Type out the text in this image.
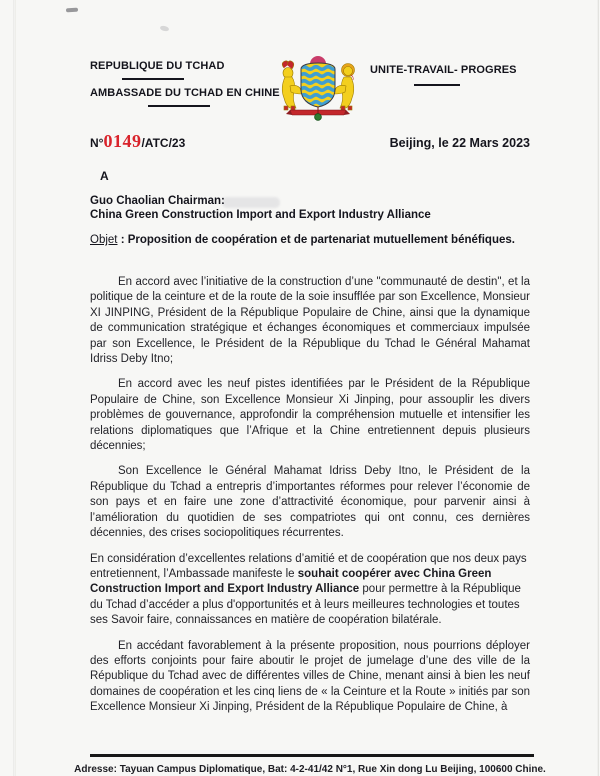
REPUBLIQUE DU TCHAD
AMBASSADE DU TCHAD EN CHINE
UNITE-TRAVAIL- PROGRES
N°0149/ATC/23	Beijing, le 22 Mars 2023
A
Guo Chaolian Chairman:
China Green Construction Import and Export Industry Alliance
Objet : Proposition de coopération et de partenariat mutuellement bénéfiques.

En accord avec l’initiative de la construction d’une "communauté de destin", et la politique de la ceinture et de la route de la soie insufflée par son Excellence, Monsieur XI JINPING, Président de la République Populaire de Chine, ainsi que la dynamique de communication stratégique et échanges économiques et commerciaux impulsée par son Excellence, le Président de la République du Tchad le Général Mahamat Idriss Deby Itno;

En accord avec les neuf pistes identifiées par le Président de la République Populaire de Chine, son Excellence Monsieur Xi Jinping, pour assouplir les divers problèmes de gouvernance, approfondir la compréhension mutuelle et intensifier les relations diplomatiques que l’Afrique et la Chine entretiennent depuis plusieurs décennies;

Son Excellence le Général Mahamat Idriss Deby Itno, le Président de la République du Tchad a entrepris d’importantes réformes pour relever l’économie de son pays et en faire une zone d’attractivité économique, pour parvenir ainsi à l’amélioration du quotidien de ses compatriotes qui ont connu, ces dernières décennies, des crises sociopolitiques récurrentes.

En considération d’excellentes relations d’amitié et de coopération que nos deux pays entretiennent, l’Ambassade manifeste le souhait coopérer avec China Green Construction Import and Export Industry Alliance pour permettre à la République du Tchad d’accéder a plus d'opportunités et à leurs meilleures technologies et toutes ses Savoir faire, connaissances en matière de coopération bilatérale.

En accédant favorablement à la présente proposition, nous pourrions déployer des efforts conjoints pour faire aboutir le projet de jumelage d’une des ville de la République du Tchad avec de différentes villes de Chine, menant ainsi à bien les neuf domaines de coopération et les cinq liens de « la Ceinture et la Route » initiés par son Excellence Monsieur Xi Jinping, Président de la République Populaire de Chine, à

Adresse: Tayuan Campus Diplomatique, Bat: 4-2-41/42 N°1, Rue Xin dong Lu Beijing, 100600 Chine.
